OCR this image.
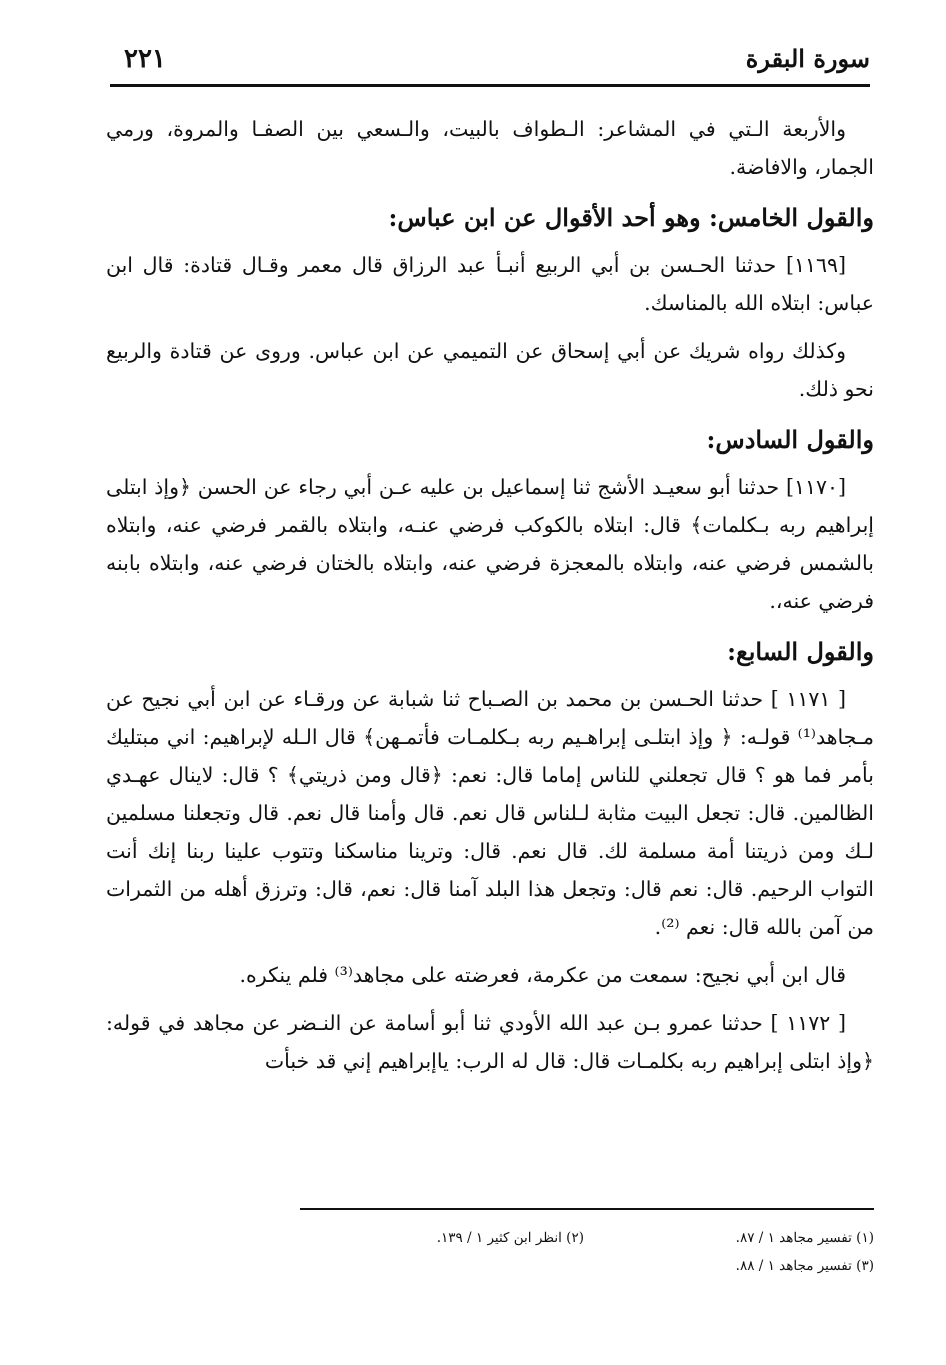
٢٢١	سورة البقرة

والأربعة الـتي في المشاعر: الـطواف بالبيت، والـسعي بين الصفـا والمروة، ورمي الجمار، والافاضة.

والقول الخامس: وهو أحد الأقوال عن ابن عباس:

[١١٦٩] حدثنا الحـسن بن أبي الربيع أنبـأ عبد الرزاق قال معمر وقـال قتادة: قال ابن عباس: ابتلاه الله بالمناسك.

وكذلك رواه شريك عن أبي إسحاق عن التميمي عن ابن عباس. وروى عن قتادة والربيع نحو ذلك.

والقول السادس:

[١١٧٠] حدثنا أبو سعيـد الأشج ثنا إسماعيل بن عليه عـن أبي رجاء عن الحسن ﴿وإذ ابتلى إبراهيم ربه بـكلمات﴾ قال: ابتلاه بالكوكب فرضي عنـه، وابتلاه بالقمر فرضي عنه، وابتلاه بالشمس فرضي عنه، وابتلاه بالمعجزة فرضي عنه، وابتلاه بالختان فرضي عنه، وابتلاه بابنه فرضي عنه،.

والقول السابع:

[ ١١٧١ ] حدثنا الحـسن بن محمد بن الصـباح ثنا شبابة عن ورقـاء عن ابن أبي نجيح عن مـجاهد⁽¹⁾ قولـه: ﴿ وإذ ابتلـى إبراهـيم ربه بـكلمـات فأتمـهن﴾ قال الـله لإبراهيم: اني مبتليك بأمر فما هو ؟ قال تجعلني للناس إماما قال: نعم: ﴿قال ومن ذريتي﴾ ؟ قال: لاينال عهـدي الظالمين. قال: تجعل البيت مثابة لـلناس قال نعم. قال وأمنا قال نعم. قال وتجعلنا مسلمين لـك ومن ذريتنا أمة مسلمة لك. قال نعم. قال: وترينا مناسكنا وتتوب علينا ربنا إنك أنت التواب الرحيم. قال: نعم قال: وتجعل هذا البلد آمنا قال: نعم، قال: وترزق أهله من الثمرات من آمن بالله قال: نعم ⁽²⁾.

قال ابن أبي نجيح: سمعت من عكرمة، فعرضته على مجاهد⁽³⁾ فلم ينكره.

[ ١١٧٢ ] حدثنا عمرو بـن عبد الله الأودي ثنا أبو أسامة عن النـضر عن مجاهد في قوله: ﴿وإذ ابتلى إبراهيم ربه بكلمـات قال: قال له الرب: ياإبراهيم إني قد خبأت

(١) تفسير مجاهد ١ / ٨٧.
(٢) انظر ابن كثير ١ / ١٣٩.
(٣) تفسير مجاهد ١ / ٨٨.
